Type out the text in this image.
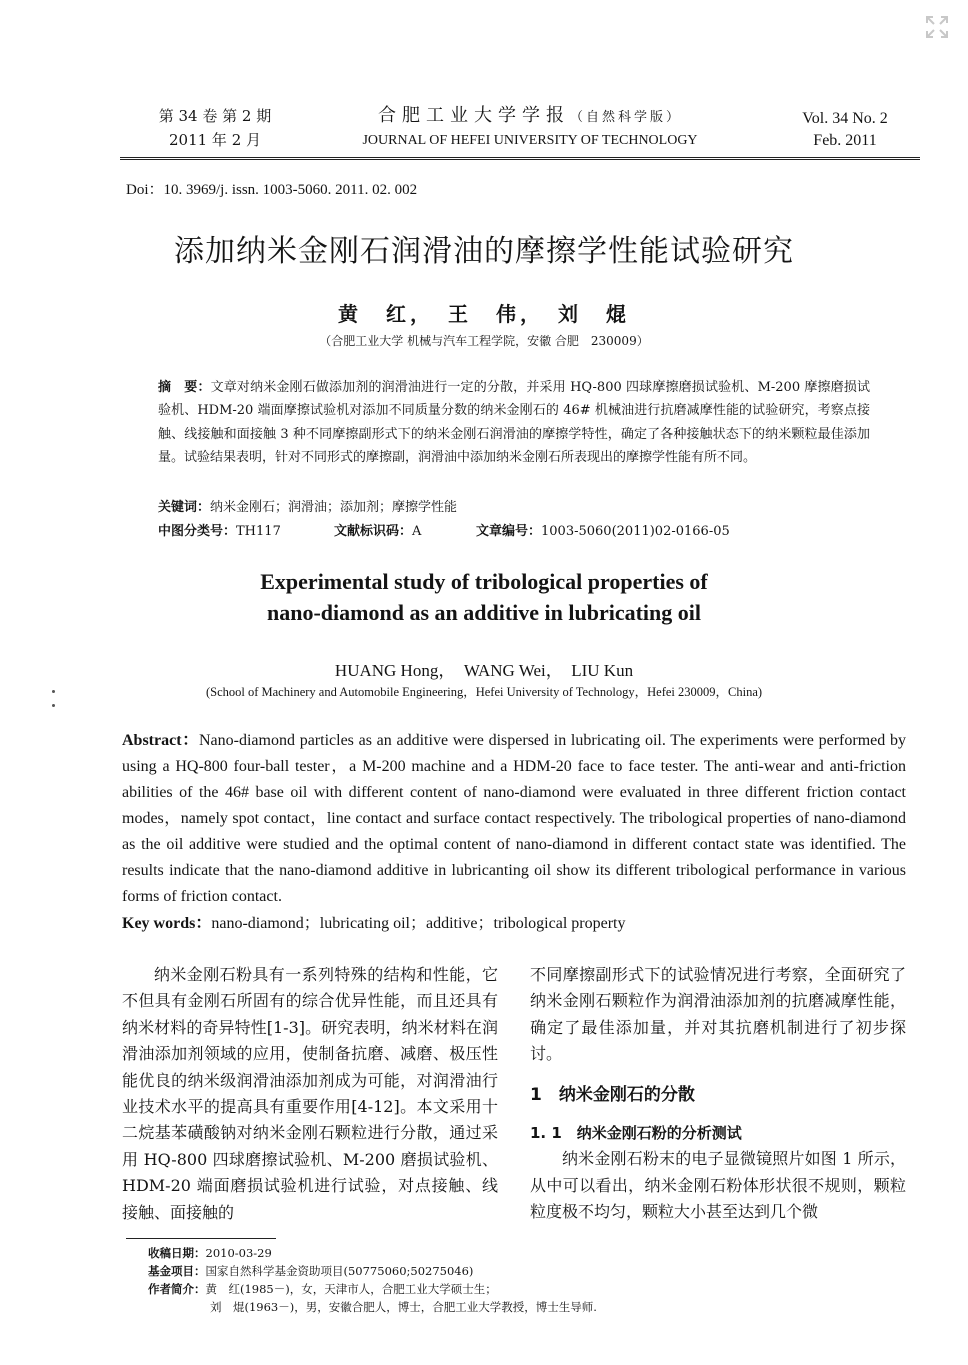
第 34 卷 第 2 期
2011 年 2 月
合肥工业大学学报（自然科学版）
JOURNAL OF HEFEI UNIVERSITY OF TECHNOLOGY
Vol. 34 No. 2
Feb. 2011
Doi：10. 3969/j. issn. 1003-5060. 2011. 02. 002
添加纳米金刚石润滑油的摩擦学性能试验研究
黄　红，　王　伟，　刘　焜
（合肥工业大学 机械与汽车工程学院，安徽 合肥　230009）
摘　要：文章对纳米金刚石做添加剂的润滑油进行一定的分散，并采用 HQ-800 四球摩擦磨损试验机、M-200 摩擦磨损试验机、HDM-20 端面摩擦试验机对添加不同质量分数的纳米金刚石的 46# 机械油进行抗磨减摩性能的试验研究，考察点接触、线接触和面接触 3 种不同摩擦副形式下的纳米金刚石润滑油的摩擦学特性，确定了各种接触状态下的纳米颗粒最佳添加量。试验结果表明，针对不同形式的摩擦副，润滑油中添加纳米金刚石所表现出的摩擦学性能有所不同。
关键词：纳米金刚石；润滑油；添加剂；摩擦学性能
中图分类号：TH117	文献标识码：A	文章编号：1003-5060(2011)02-0166-05
Experimental study of tribological properties of
nano-diamond as an additive in lubricating oil
HUANG Hong，　WANG Wei，　LIU Kun
(School of Machinery and Automobile Engineering，Hefei University of Technology，Hefei 230009，China)
Abstract：Nano-diamond particles as an additive were dispersed in lubricating oil. The experiments were performed by using a HQ-800 four-ball tester，a M-200 machine and a HDM-20 face to face tester. The anti-wear and anti-friction abilities of the 46# base oil with different content of nano-diamond were evaluated in three different friction contact modes，namely spot contact，line contact and surface contact respectively. The tribological properties of nano-diamond as the oil additive were studied and the optimal content of nano-diamond in different contact state was identified. The results indicate that the nano-diamond additive in lubricanting oil show its different tribological performance in various forms of friction contact.
Key words：nano-diamond；lubricating oil；additive；tribological property

纳米金刚石粉具有一系列特殊的结构和性能，它不但具有金刚石所固有的综合优异性能，而且还具有纳米材料的奇异特性[1-3]。研究表明，纳米材料在润滑油添加剂领域的应用，使制备抗磨、减磨、极压性能优良的纳米级润滑油添加剂成为可能，对润滑油行业技术水平的提高具有重要作用[4-12]。本文采用十二烷基苯磺酸钠对纳米金刚石颗粒进行分散，通过采用 HQ-800 四球磨擦试验机、M-200 磨损试验机、HDM-20 端面磨损试验机进行试验，对点接触、线接触、面接触的

不同摩擦副形式下的试验情况进行考察，全面研究了纳米金刚石颗粒作为润滑油添加剂的抗磨减摩性能，确定了最佳添加量，并对其抗磨机制进行了初步探讨。

1　纳米金刚石的分散

1. 1　纳米金刚石粉的分析测试

纳米金刚石粉末的电子显微镜照片如图 1 所示，从中可以看出，纳米金刚石粉体形状很不规则，颗粒粒度极不均匀，颗粒大小甚至达到几个微

收稿日期：2010-03-29
基金项目：国家自然科学基金资助项目(50775060;50275046)
作者简介：黄　红(1985－)，女，天津市人，合肥工业大学硕士生；
刘　焜(1963－)，男，安徽合肥人，博士，合肥工业大学教授，博士生导师.
